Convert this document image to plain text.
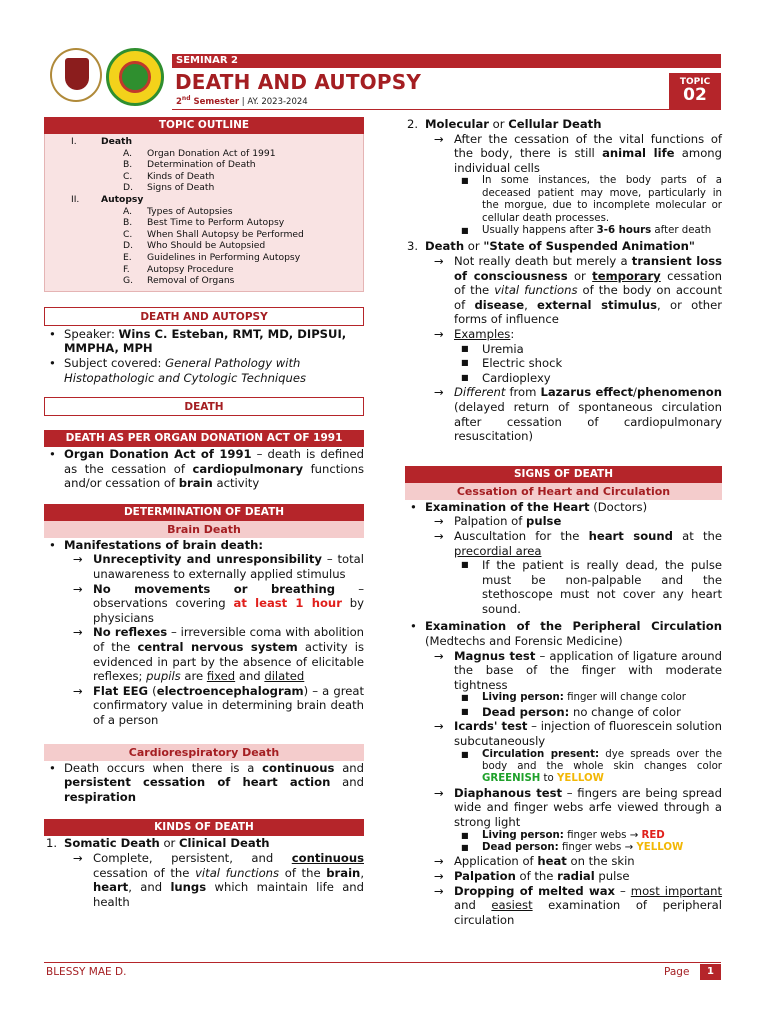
SEMINAR 2
DEATH AND AUTOPSY
2nd Semester | AY. 2023-2024
TOPIC
02
TOPIC OUTLINE
I.	Death
A. Organ Donation Act of 1991
B. Determination of Death
C. Kinds of Death
D. Signs of Death
II. Autopsy
A. Types of Autopsies
B. Best Time to Perform Autopsy
C. When Shall Autopsy be Performed
D. Who Should be Autopsied
E. Guidelines in Performing Autopsy
F. Autopsy Procedure
G. Removal of Organs
DEATH AND AUTOPSY
• Speaker: Wins C. Esteban, RMT, MD, DIPSUI, MMPHA, MPH
• Subject covered: General Pathology with Histopathologic and Cytologic Techniques
DEATH
DEATH AS PER ORGAN DONATION ACT OF 1991
• Organ Donation Act of 1991 – death is defined as the cessation of cardiopulmonary functions and/or cessation of brain activity
DETERMINATION OF DEATH
Brain Death
• Manifestations of brain death:
→ Unreceptivity and unresponsibility – total unawareness to externally applied stimulus
→ No movements or breathing – observations covering at least 1 hour by physicians
→ No reflexes – irreversible coma with abolition of the central nervous system activity is evidenced in part by the absence of elicitable reflexes; pupils are fixed and dilated
→ Flat EEG (electroencephalogram) – a great confirmatory value in determining brain death of a person
Cardiorespiratory Death
• Death occurs when there is a continuous and persistent cessation of heart action and respiration
KINDS OF DEATH
1. Somatic Death or Clinical Death
→ Complete, persistent, and continuous cessation of the vital functions of the brain, heart, and lungs which maintain life and health
2. Molecular or Cellular Death
→ After the cessation of the vital functions of the body, there is still animal life among individual cells
■ In some instances, the body parts of a deceased patient may move, particularly in the morgue, due to incomplete molecular or cellular death processes.
■ Usually happens after 3-6 hours after death
3. Death or "State of Suspended Animation"
→ Not really death but merely a transient loss of consciousness or temporary cessation of the vital functions of the body on account of disease, external stimulus, or other forms of influence
→ Examples:
■ Uremia
■ Electric shock
■ Cardioplexy
→ Different from Lazarus effect/phenomenon (delayed return of spontaneous circulation after cessation of cardiopulmonary resuscitation)
SIGNS OF DEATH
Cessation of Heart and Circulation
• Examination of the Heart (Doctors)
→ Palpation of pulse
→ Auscultation for the heart sound at the precordial area
■ If the patient is really dead, the pulse must be non-palpable and the stethoscope must not cover any heart sound.
• Examination of the Peripheral Circulation (Medtechs and Forensic Medicine)
→ Magnus test – application of ligature around the base of the finger with moderate tightness
■ Living person: finger will change color
■ Dead person: no change of color
→ Icards' test – injection of fluorescein solution subcutaneously
■ Circulation present: dye spreads over the body and the whole skin changes color GREENISH to YELLOW
→ Diaphanous test – fingers are being spread wide and finger webs arfe viewed through a strong light
■ Living person: finger webs → RED
■ Dead person: finger webs → YELLOW
→ Application of heat on the skin
→ Palpation of the radial pulse
→ Dropping of melted wax – most important and easiest examination of peripheral circulation
BLESSY MAE D.	Page	1
